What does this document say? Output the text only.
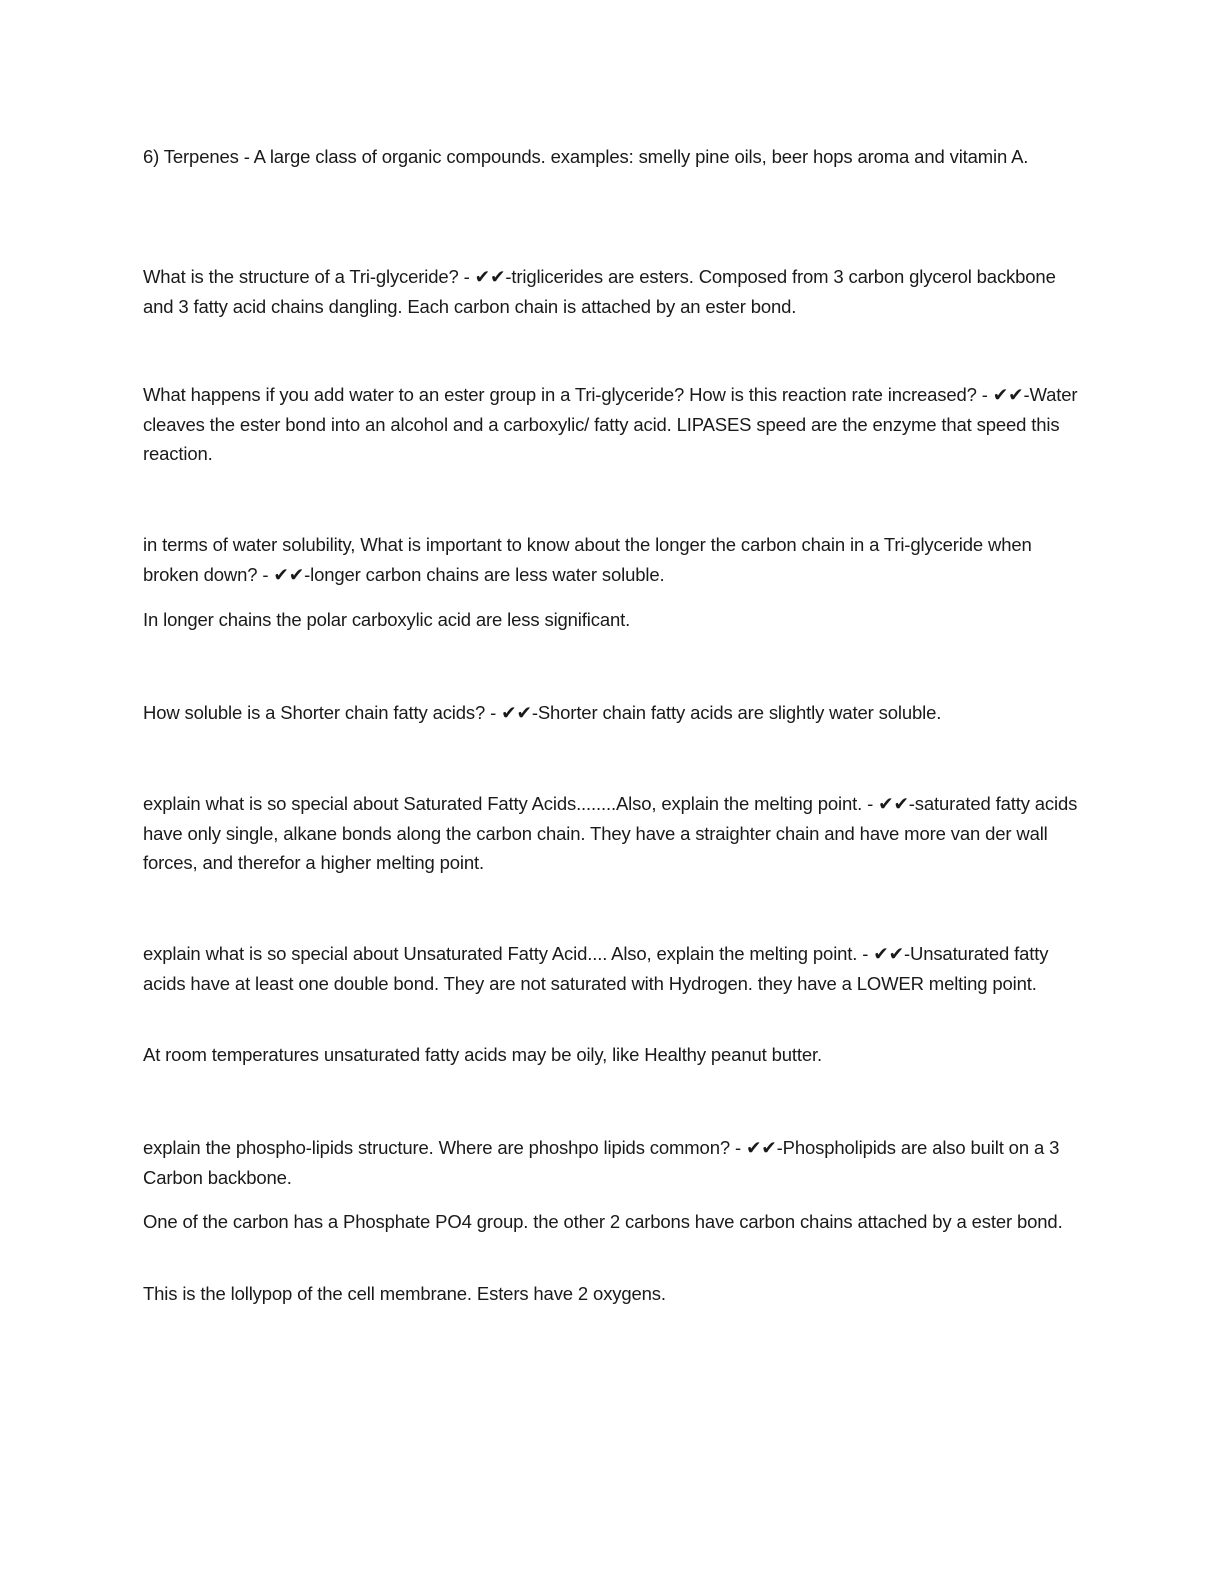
6) Terpenes - A large class of organic compounds. examples: smelly pine oils, beer hops aroma and vitamin A.

What is the structure of a Tri-glyceride? - ✔✔-triglicerides are esters. Composed from 3 carbon glycerol backbone and 3 fatty acid chains dangling. Each carbon chain is attached by an ester bond.

What happens if you add water to an ester group in a Tri-glyceride? How is this reaction rate increased? - ✔✔-Water cleaves the ester bond into an alcohol and a carboxylic/ fatty acid. LIPASES speed are the enzyme that speed this reaction.

in terms of water solubility, What is important to know about the longer the carbon chain in a Tri-glyceride when broken down? - ✔✔-longer carbon chains are less water soluble.

In longer chains the polar carboxylic acid are less significant.

How soluble is a Shorter chain fatty acids? - ✔✔-Shorter chain fatty acids are slightly water soluble.

explain what is so special about Saturated Fatty Acids........Also, explain the melting point. - ✔✔-saturated fatty acids have only single, alkane bonds along the carbon chain. They have a straighter chain and have more van der wall forces, and therefor a higher melting point.

explain what is so special about Unsaturated Fatty Acid.... Also, explain the melting point. - ✔✔-Unsaturated fatty acids have at least one double bond. They are not saturated with Hydrogen. they have a LOWER melting point.

At room temperatures unsaturated fatty acids may be oily, like Healthy peanut butter.

explain the phospho-lipids structure. Where are phoshpo lipids common? - ✔✔-Phospholipids are also built on a 3 Carbon backbone.

One of the carbon has a Phosphate PO4 group. the other 2 carbons have carbon chains attached by a ester bond.

This is the lollypop of the cell membrane. Esters have 2 oxygens.
